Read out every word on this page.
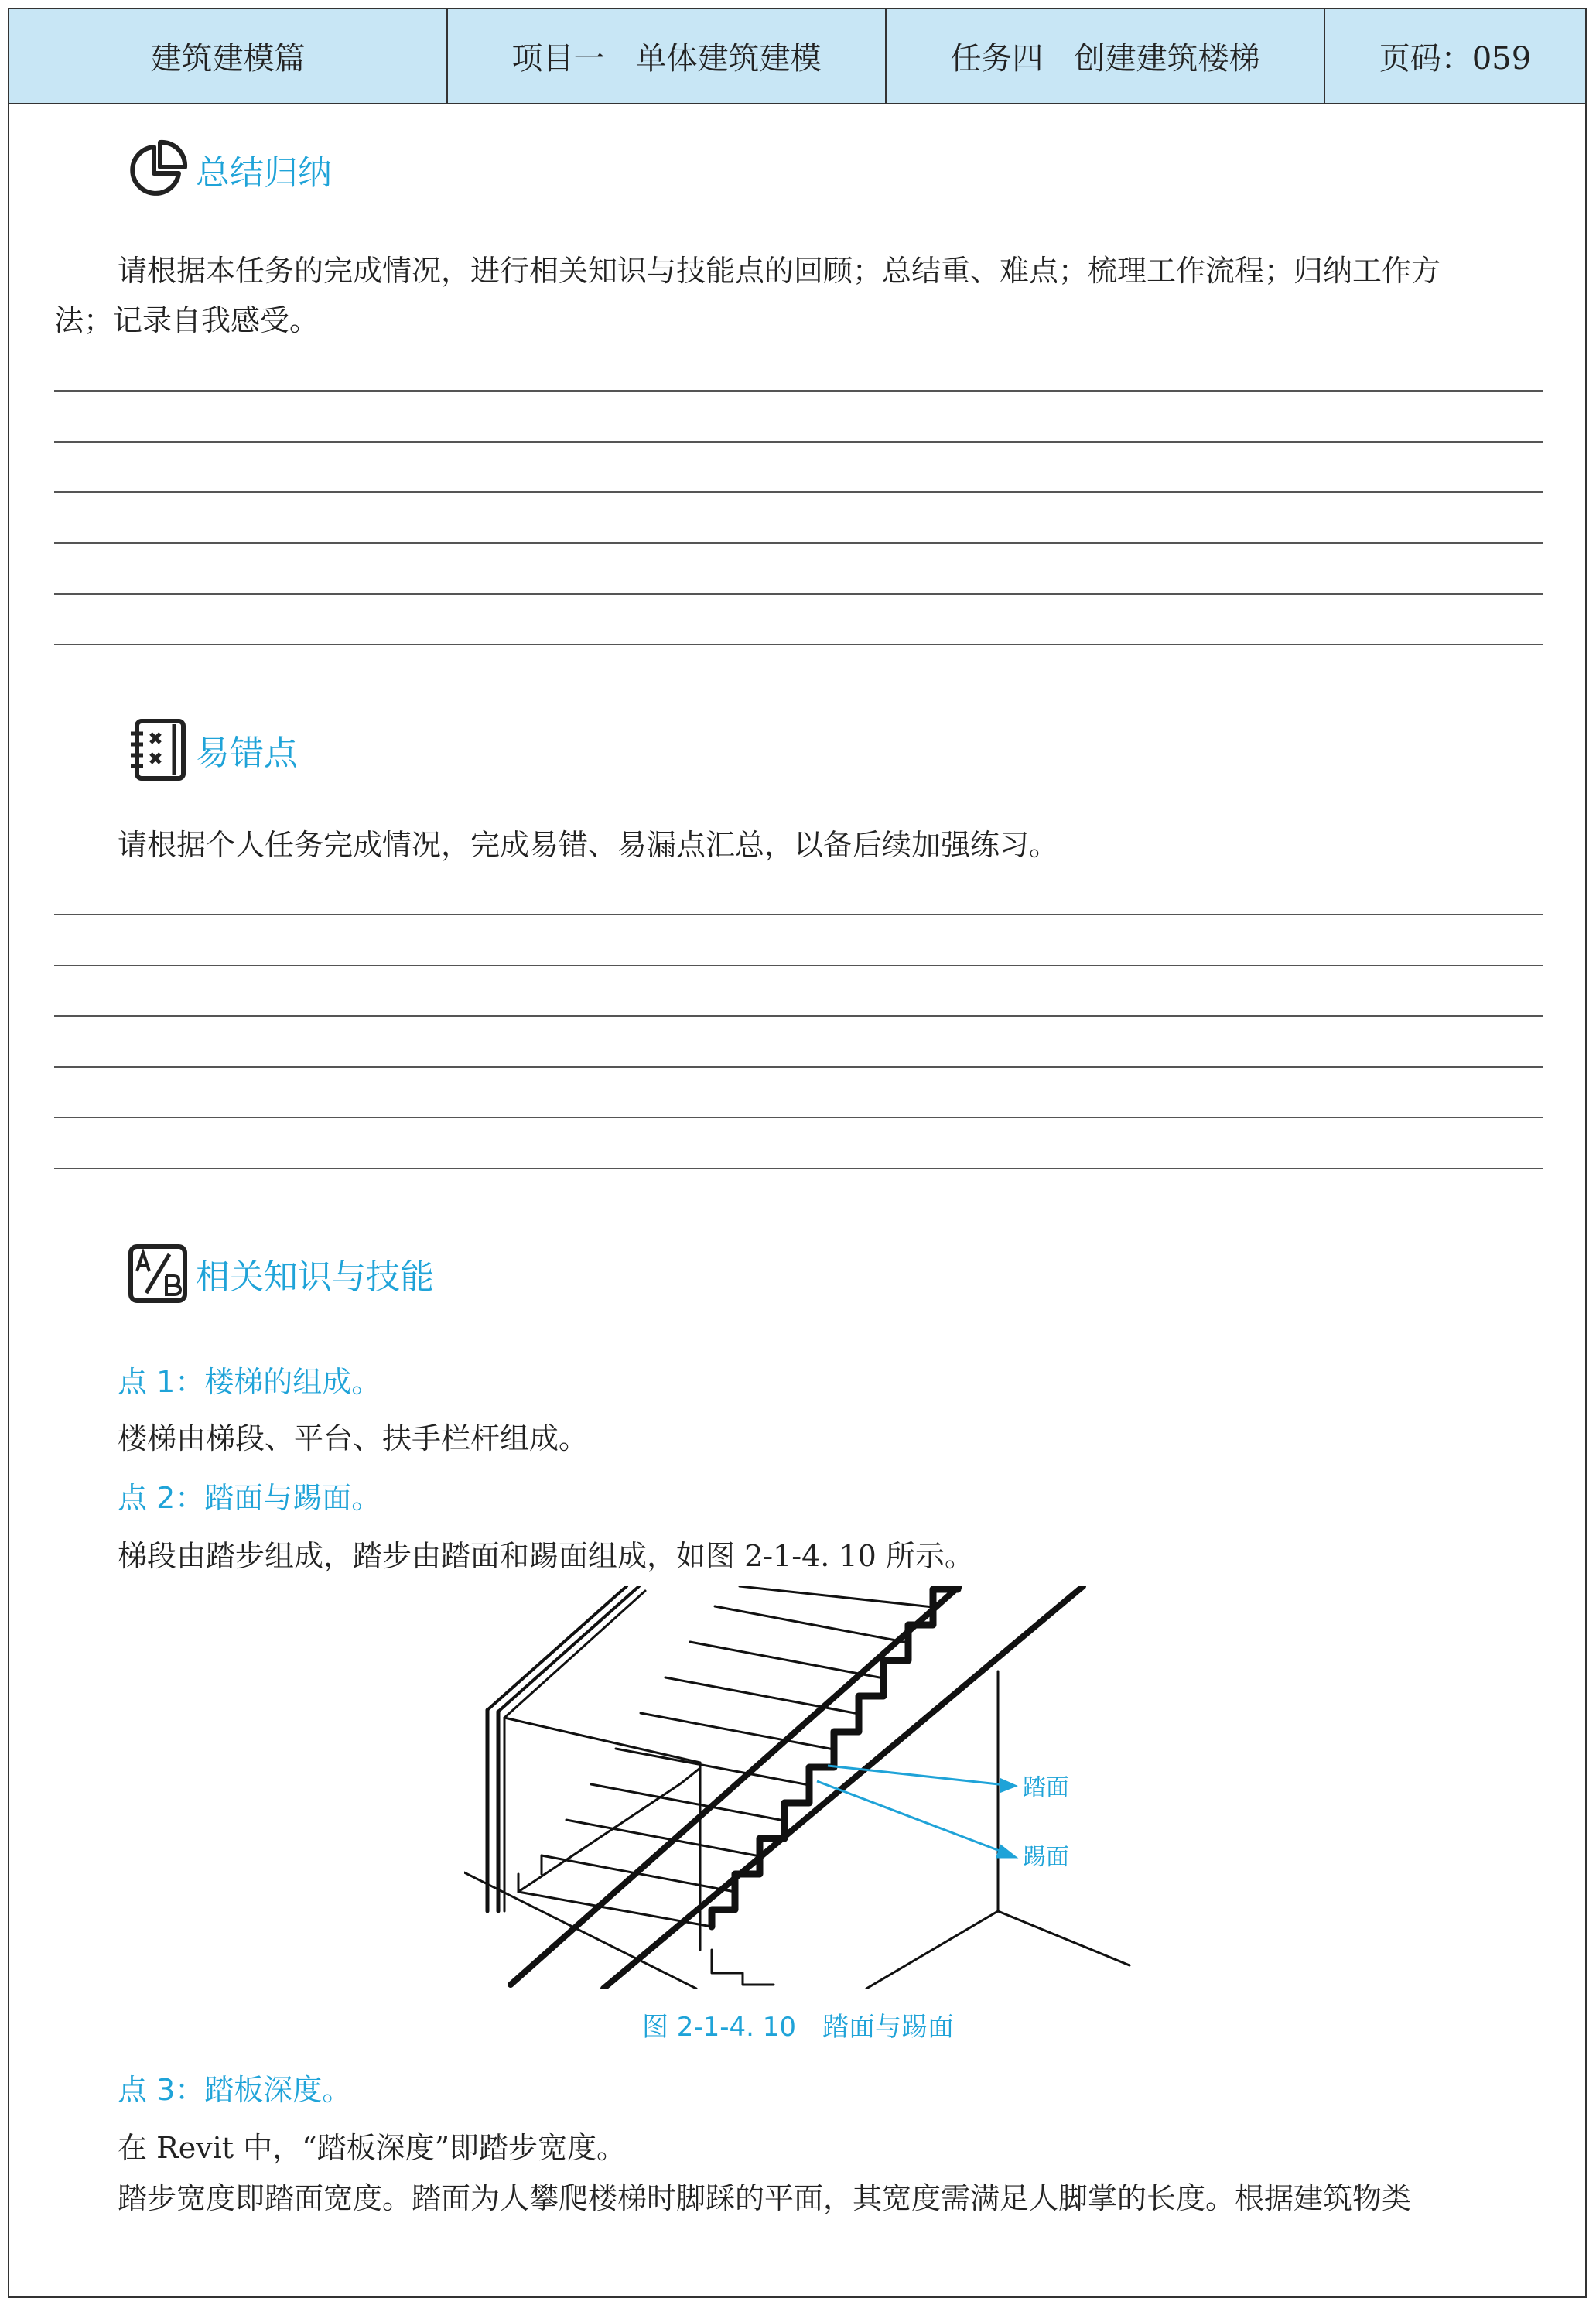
建筑建模篇	项目一　单体建筑建模	任务四　创建建筑楼梯	页码：059
总结归纳
请根据本任务的完成情况，进行相关知识与技能点的回顾；总结重、难点；梳理工作流程；归纳工作方
法；记录自我感受。
易错点
请根据个人任务完成情况，完成易错、易漏点汇总，以备后续加强练习。
相关知识与技能
点 1：楼梯的组成。
楼梯由梯段、平台、扶手栏杆组成。
点 2：踏面与踢面。
梯段由踏步组成，踏步由踏面和踢面组成，如图 2-1-4. 10 所示。
踏面
踢面
图 2-1-4. 10　踏面与踢面
点 3：踏板深度。
在 Revit 中，“踏板深度”即踏步宽度。
踏步宽度即踏面宽度。踏面为人攀爬楼梯时脚踩的平面，其宽度需满足人脚掌的长度。根据建筑物类
